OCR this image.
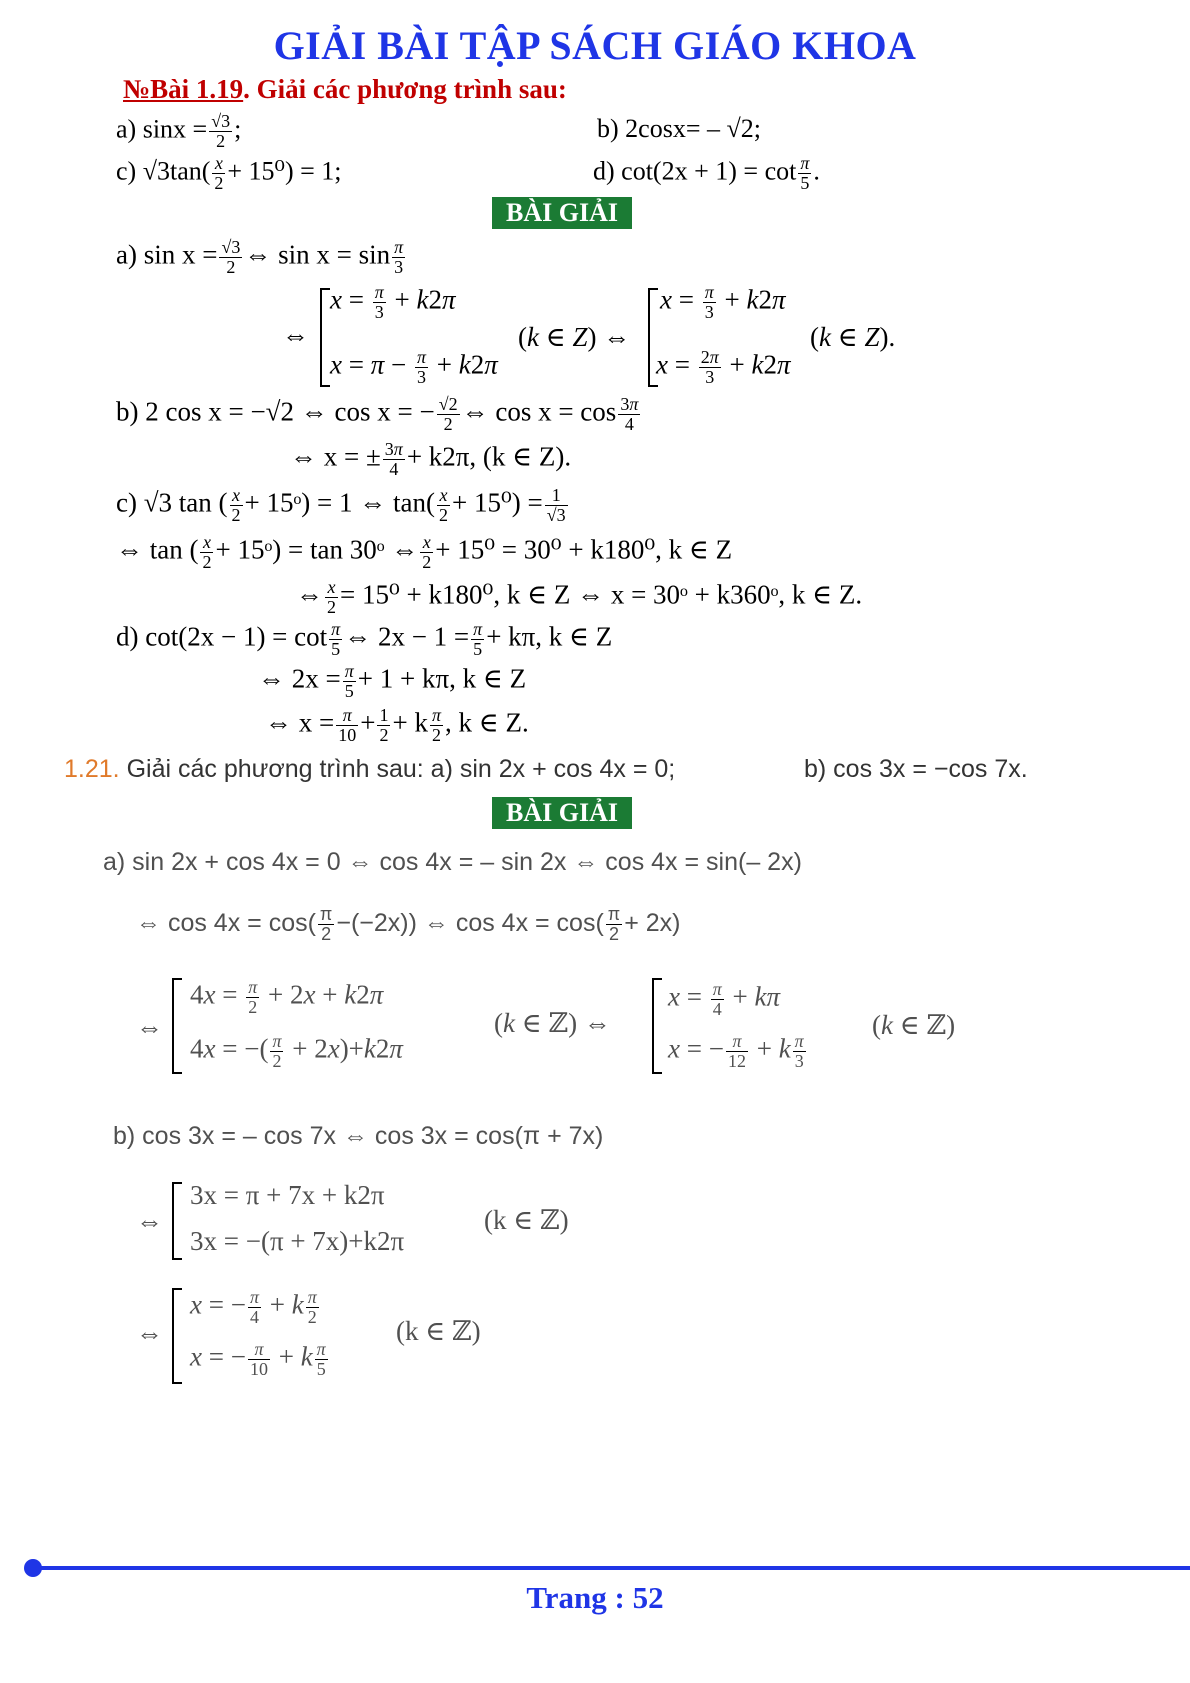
GIẢI BÀI TẬP SÁCH GIÁO KHOA
№Bài 1.19. Giải các phương trình sau:
a) $\sin x = \frac{√3}{2}$ ;	b) 2cosx= – √2;
c) $√3\tan( \frac{x}{2} + 15^0) = 1$;	d) $\cot(2x + 1) = \cot \frac{\pi}{5}$ .
BÀI GIẢI
a) $\sin x = \frac{√3}{2}$ ⇔ $\sin x = \sin \frac{\pi}{3}$
⇔
$x = \frac{\pi}{3} + k2\pi$
$x = \pi - \frac{\pi}{3} + k2\pi$
(k ∈ Z) ⇔
$x = \frac{\pi}{3} + k2\pi$
$x = \frac{2\pi}{3} + k2\pi$
(k ∈ Z).
b) 2 cos x = −√2 ⇔ cos x = − $\frac{√2}{2}$ ⇔ $\cos x = \cos \frac{3\pi}{4}$
⇔ x = ± $\frac{3\pi}{4} + k2\pi$, (k ∈ Z).
c) √3 tan ( $\frac{x}{2}$ + 15ᵒ) = 1 ⇔ $\tan( \frac{x}{2} + 15^0) = \frac{1}{√3}$
⇔ tan ( $\frac{x}{2}$ + 15ᵒ) = tan 30ᵒ ⇔ $\frac{x}{2} + 15^0 = 30^0 + k180^0$, k ∈ Z
⇔ $\frac{x}{2} = 15^0 + k180^0$, k ∈ Z ⇔ x = 30ᵒ + k360ᵒ, k ∈ Z.
d) $\cot(2x - 1) = \cot \frac{\pi}{5}$ ⇔ $2x - 1 = \frac{\pi}{5} + k\pi$, k ∈ Z
⇔ $2x = \frac{\pi}{5} + 1 + k\pi$, k ∈ Z
⇔ $x = \frac{\pi}{10} + \frac{1}{2} + k \frac{\pi}{2}$ , k ∈ Z.
1.21. Giải các phương trình sau: a) sin 2x + cos 4x = 0;	b) cos 3x = −cos 7x.
BÀI GIẢI
a) sin 2x + cos 4x = 0 ⇔ cos 4x = – sin 2x ⇔ cos 4x = sin(– 2x)
⇔ $\cos 4x = \cos( \frac{\pi}{2} -(-2x))$ ⇔ $\cos 4x = \cos( \frac{\pi}{2} + 2x)$
⇔
$4x = \frac{\pi}{2} + 2x + k2\pi$
4x = −( $\frac{\pi}{2} + 2x)+k2\pi$
(k ∈ ℤ) ⇔
$x = \frac{\pi}{4} + k\pi$
x = − $\frac{\pi}{12} + k \frac{\pi}{3}$
(k ∈ ℤ)
b) cos 3x = – cos 7x ⇔ cos 3x = cos(π + 7x)
⇔
3x = π + 7x + k2π
3x = −(π + 7x)+k2π
(k ∈ ℤ)
⇔
x = − $\frac{\pi}{4} + k \frac{\pi}{2}$
x = − $\frac{\pi}{10} + k \frac{\pi}{5}$
(k ∈ ℤ)
Trang : 52
